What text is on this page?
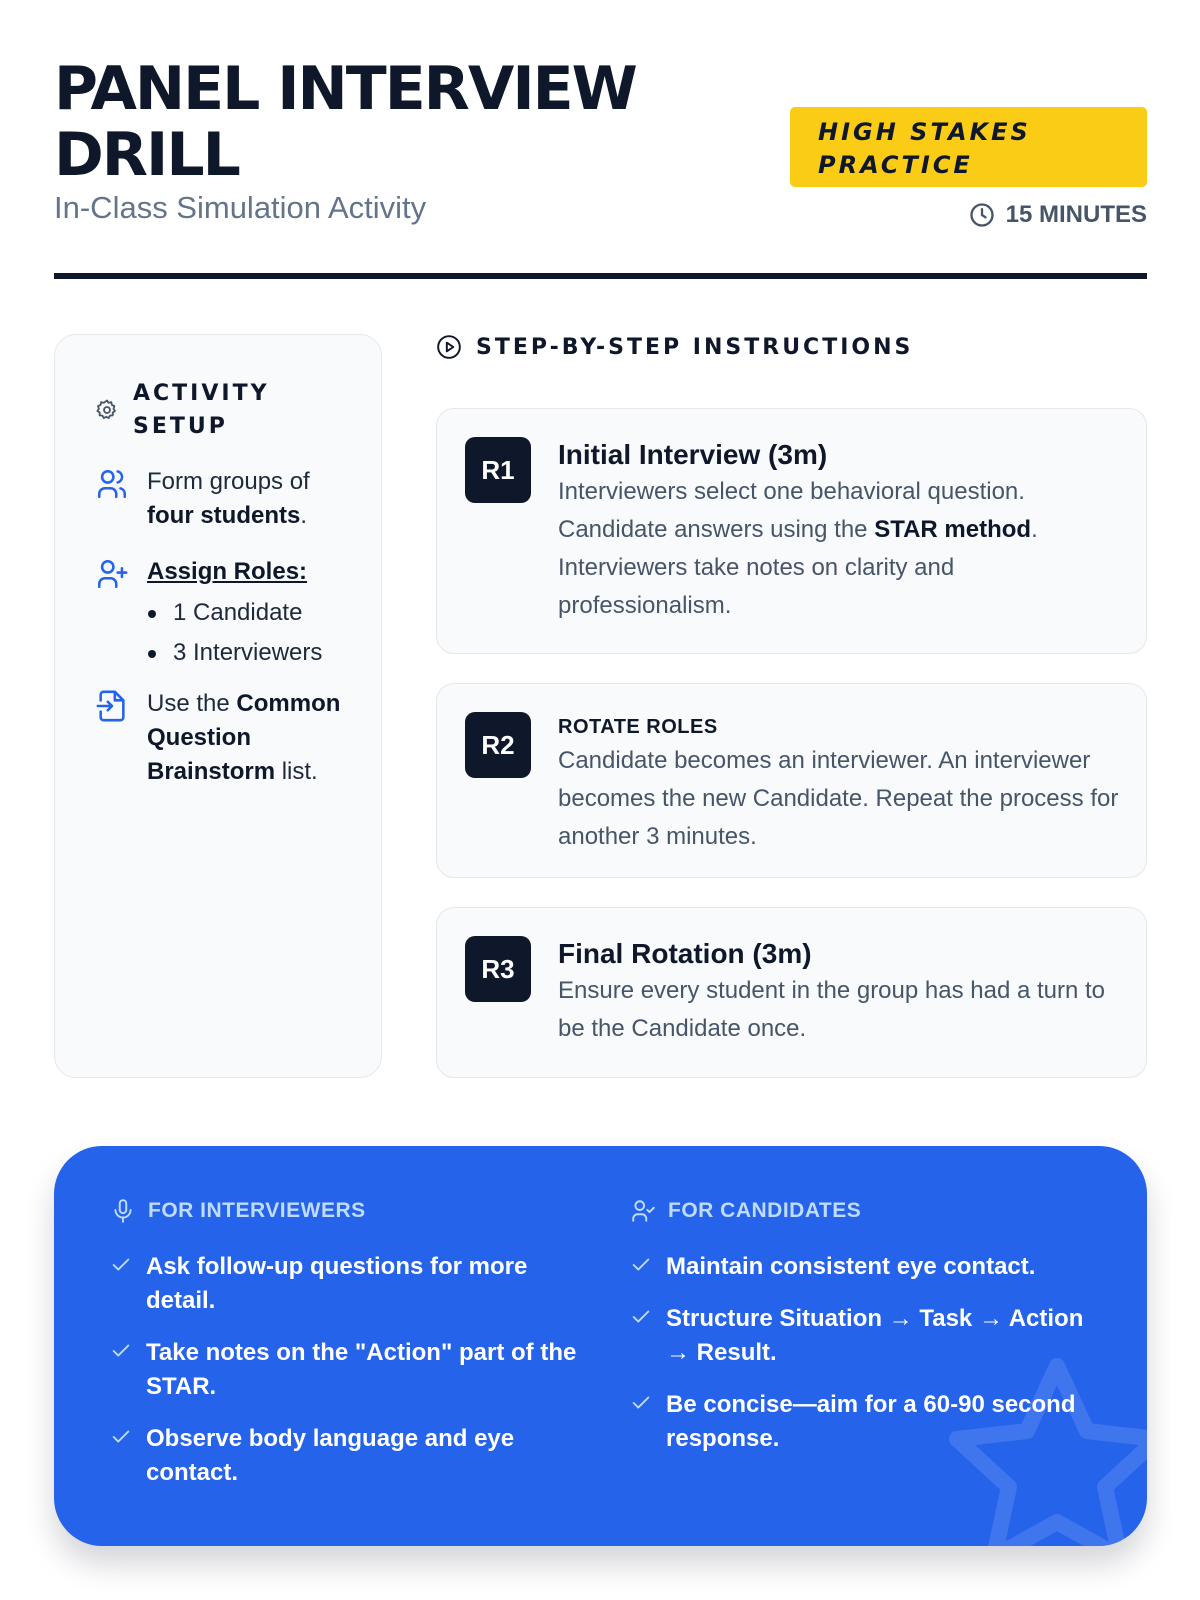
PANEL INTERVIEW DRILL
In-Class Simulation Activity
HIGH STAKES PRACTICE
15 MINUTES
ACTIVITY SETUP
Form groups of four students.
Assign Roles:
1 Candidate
3 Interviewers
Use the Common Question Brainstorm list.
STEP-BY-STEP INSTRUCTIONS
R1	Initial Interview (3m)
Interviewers select one behavioral question. Candidate answers using the STAR method. Interviewers take notes on clarity and professionalism.
R2
ROTATE ROLES
Candidate becomes an interviewer. An interviewer becomes the new Candidate. Repeat the process for another 3 minutes.
R3	Final Rotation (3m)
Ensure every student in the group has had a turn to be the Candidate once.
FOR INTERVIEWERS
Ask follow-up questions for more detail.
Take notes on the "Action" part of the STAR.
Observe body language and eye contact.
FOR CANDIDATES
Maintain consistent eye contact.
Structure Situation → Task → Action → Result.
Be concise—aim for a 60-90 second response.
